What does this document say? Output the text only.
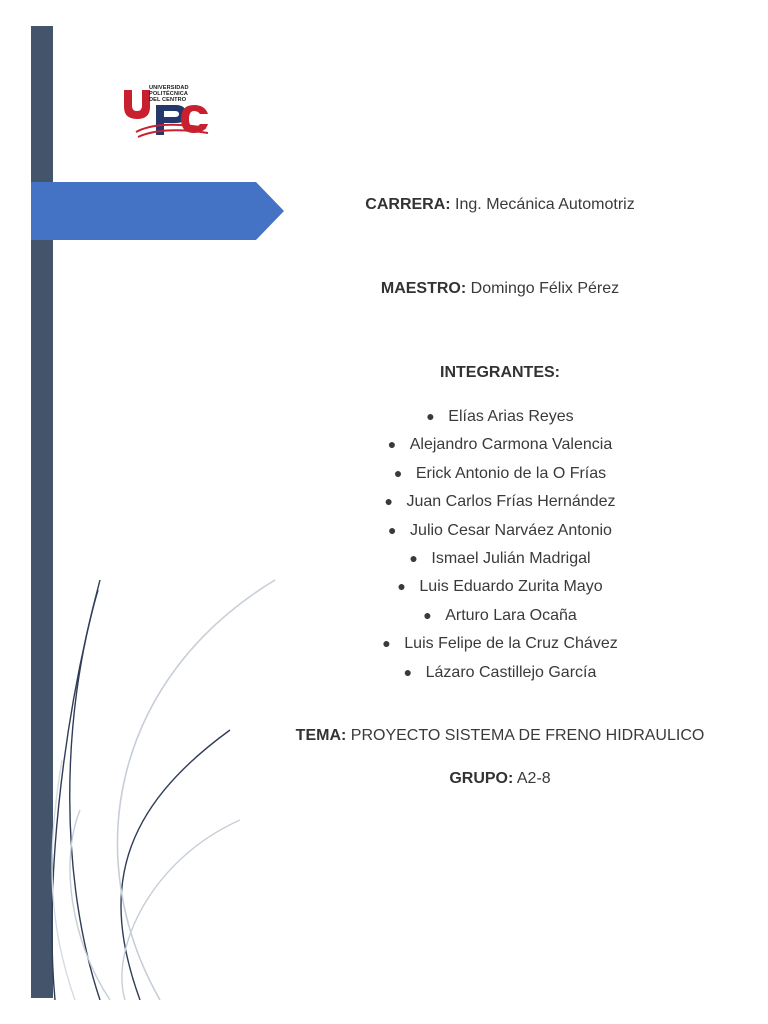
UNIVERSIDAD
POLITÉCNICA
DEL CENTRO
CARRERA: Ing. Mecánica Automotriz
MAESTRO: Domingo Félix Pérez
INTEGRANTES:
● Elías Arias Reyes
● Alejandro Carmona Valencia
● Erick Antonio de la O Frías
● Juan Carlos Frías Hernández
● Julio Cesar Narváez Antonio
● Ismael Julián Madrigal
● Luis Eduardo Zurita Mayo
● Arturo Lara Ocaña
● Luis Felipe de la Cruz Chávez
● Lázaro Castillejo García
TEMA: PROYECTO SISTEMA DE FRENO HIDRAULICO
GRUPO: A2-8
